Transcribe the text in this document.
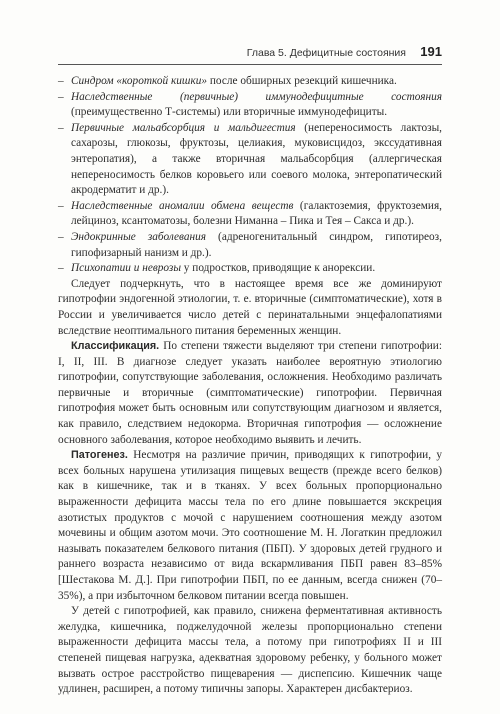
Глава 5. Дефицитные состояния 191

– Синдром «короткой кишки» после обширных резекций кишечника.

– Наследственные (первичные) иммунодефицитные состояния (преимущественно Т-системы) или вторичные иммунодефициты.

– Первичные мальабсорбция и мальдигестия (непереносимость лактозы, сахарозы, глюкозы, фруктозы, целиакия, муковисцидоз, экссудативная энтеропатия), а также вторичная мальабсорбция (аллергическая непереносимость белков коровьего или соевого молока, энтеропатический акродерматит и др.).

– Наследственные аномалии обмена веществ (галактоземия, фруктоземия, лейциноз, ксантоматозы, болезни Ниманна – Пика и Тея – Сакса и др.).

– Эндокринные заболевания (адреногенитальный синдром, гипотиреоз, гипофизарный нанизм и др.).

– Психопатии и неврозы у подростков, приводящие к анорексии.

Следует подчеркнуть, что в настоящее время все же доминируют гипотрофии эндогенной этиологии, т. е. вторичные (симптоматические), хотя в России и увеличивается число детей с перинатальными энцефалопатиями вследствие неоптимального питания беременных женщин.

Классификация. По степени тяжести выделяют три степени гипотрофии: I, II, III. В диагнозе следует указать наиболее вероятную этиологию гипотрофии, сопутствующие заболевания, осложнения. Необходимо различать первичные и вторичные (симптоматические) гипотрофии. Первичная гипотрофия может быть основным или сопутствующим диагнозом и является, как правило, следствием недокорма. Вторичная гипотрофия — осложнение основного заболевания, которое необходимо выявить и лечить.

Патогенез. Несмотря на различие причин, приводящих к гипотрофии, у всех больных нарушена утилизация пищевых веществ (прежде всего белков) как в кишечнике, так и в тканях. У всех больных пропорционально выраженности дефицита массы тела по его длине повышается экскреция азотистых продуктов с мочой с нарушением соотношения между азотом мочевины и общим азотом мочи. Это соотношение М. Н. Логаткин предложил называть показателем белкового питания (ПБП). У здоровых детей грудного и раннего возраста независимо от вида вскармливания ПБП равен 83–85% [Шестакова М. Д.]. При гипотрофии ПБП, по ее данным, всегда снижен (70–35%), а при избыточном белковом питании всегда повышен.

У детей с гипотрофией, как правило, снижена ферментативная активность желудка, кишечника, поджелудочной железы пропорционально степени выраженности дефицита массы тела, а потому при гипотрофиях II и III степеней пищевая нагрузка, адекватная здоровому ребенку, у больного может вызвать острое расстройство пищеварения — диспепсию. Кишечник чаще удлинен, расширен, а потому типичны запоры. Характерен дисбактериоз.
